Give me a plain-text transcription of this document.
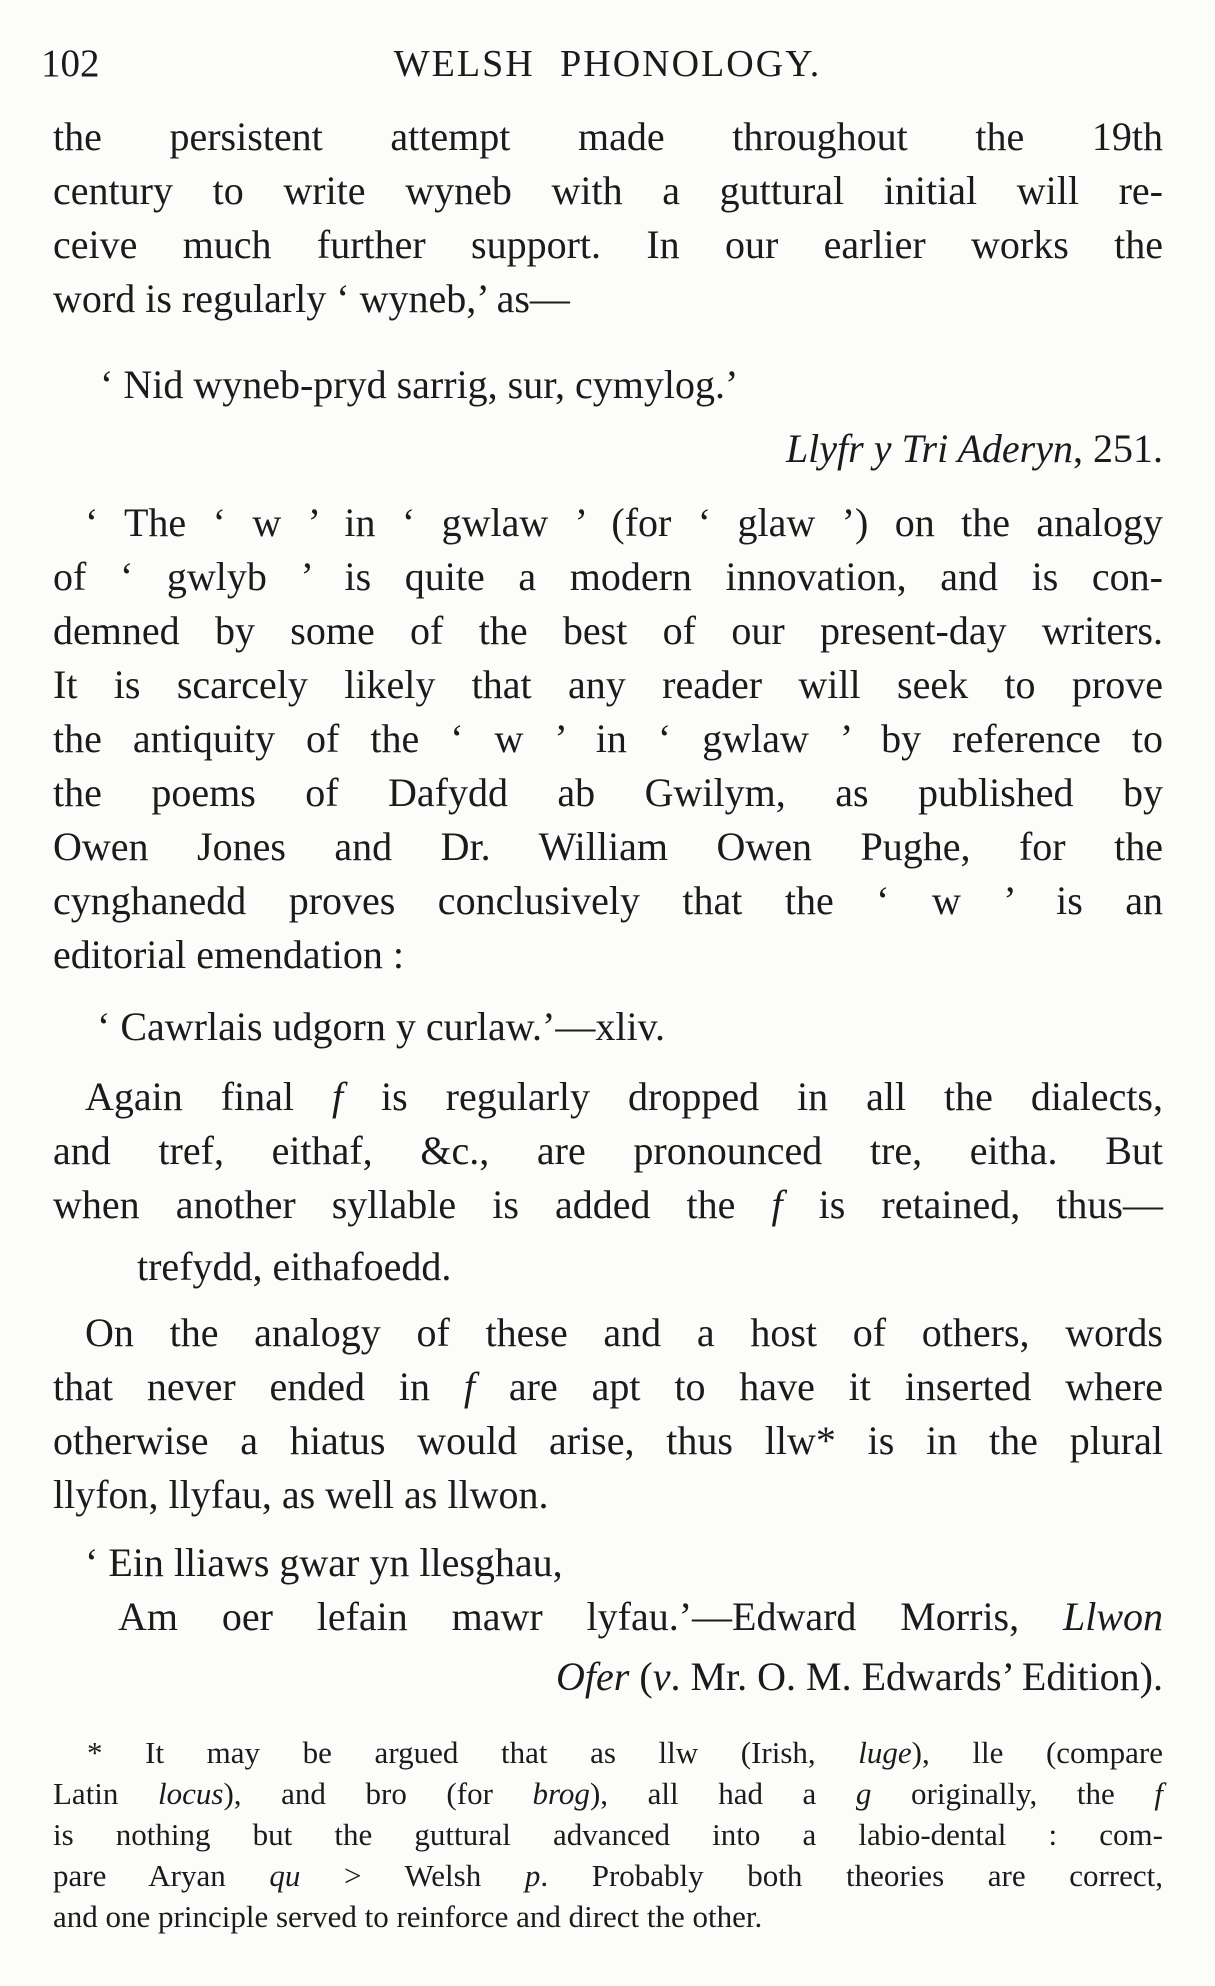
102	WELSH PHONOLOGY.
the persistent attempt made throughout the 19th
century to write wyneb with a guttural initial will re-
ceive much further support. In our earlier works the
word is regularly ‘ wyneb,’ as—
‘ Nid wyneb-pryd sarrig, sur, cymylog.’
Llyfr y Tri Aderyn, 251.
‘ The ‘ w ’ in ‘ gwlaw ’ (for ‘ glaw ’) on the analogy
of ‘ gwlyb ’ is quite a modern innovation, and is con-
demned by some of the best of our present-day writers.
It is scarcely likely that any reader will seek to prove
the antiquity of the ‘ w ’ in ‘ gwlaw ’ by reference to
the poems of Dafydd ab Gwilym, as published by
Owen Jones and Dr. William Owen Pughe, for the
cynghanedd proves conclusively that the ‘ w ’ is an
editorial emendation :
‘ Cawrlais udgorn y curlaw.’—xliv.
Again final f is regularly dropped in all the dialects,
and tref, eithaf, &c., are pronounced tre, eitha. But
when another syllable is added the f is retained, thus—
trefydd, eithafoedd.
On the analogy of these and a host of others, words
that never ended in f are apt to have it inserted where
otherwise a hiatus would arise, thus llw* is in the plural
llyfon, llyfau, as well as llwon.
‘ Ein lliaws gwar yn llesghau,
Am oer lefain mawr lyfau.’—Edward Morris, Llwon
Ofer (v. Mr. O. M. Edwards’ Edition).
* It may be argued that as llw (Irish, luge), lle (compare
Latin locus), and bro (for brog), all had a g originally, the f
is nothing but the guttural advanced into a labio-dental : com-
pare Aryan qu > Welsh p. Probably both theories are correct,
and one principle served to reinforce and direct the other.
